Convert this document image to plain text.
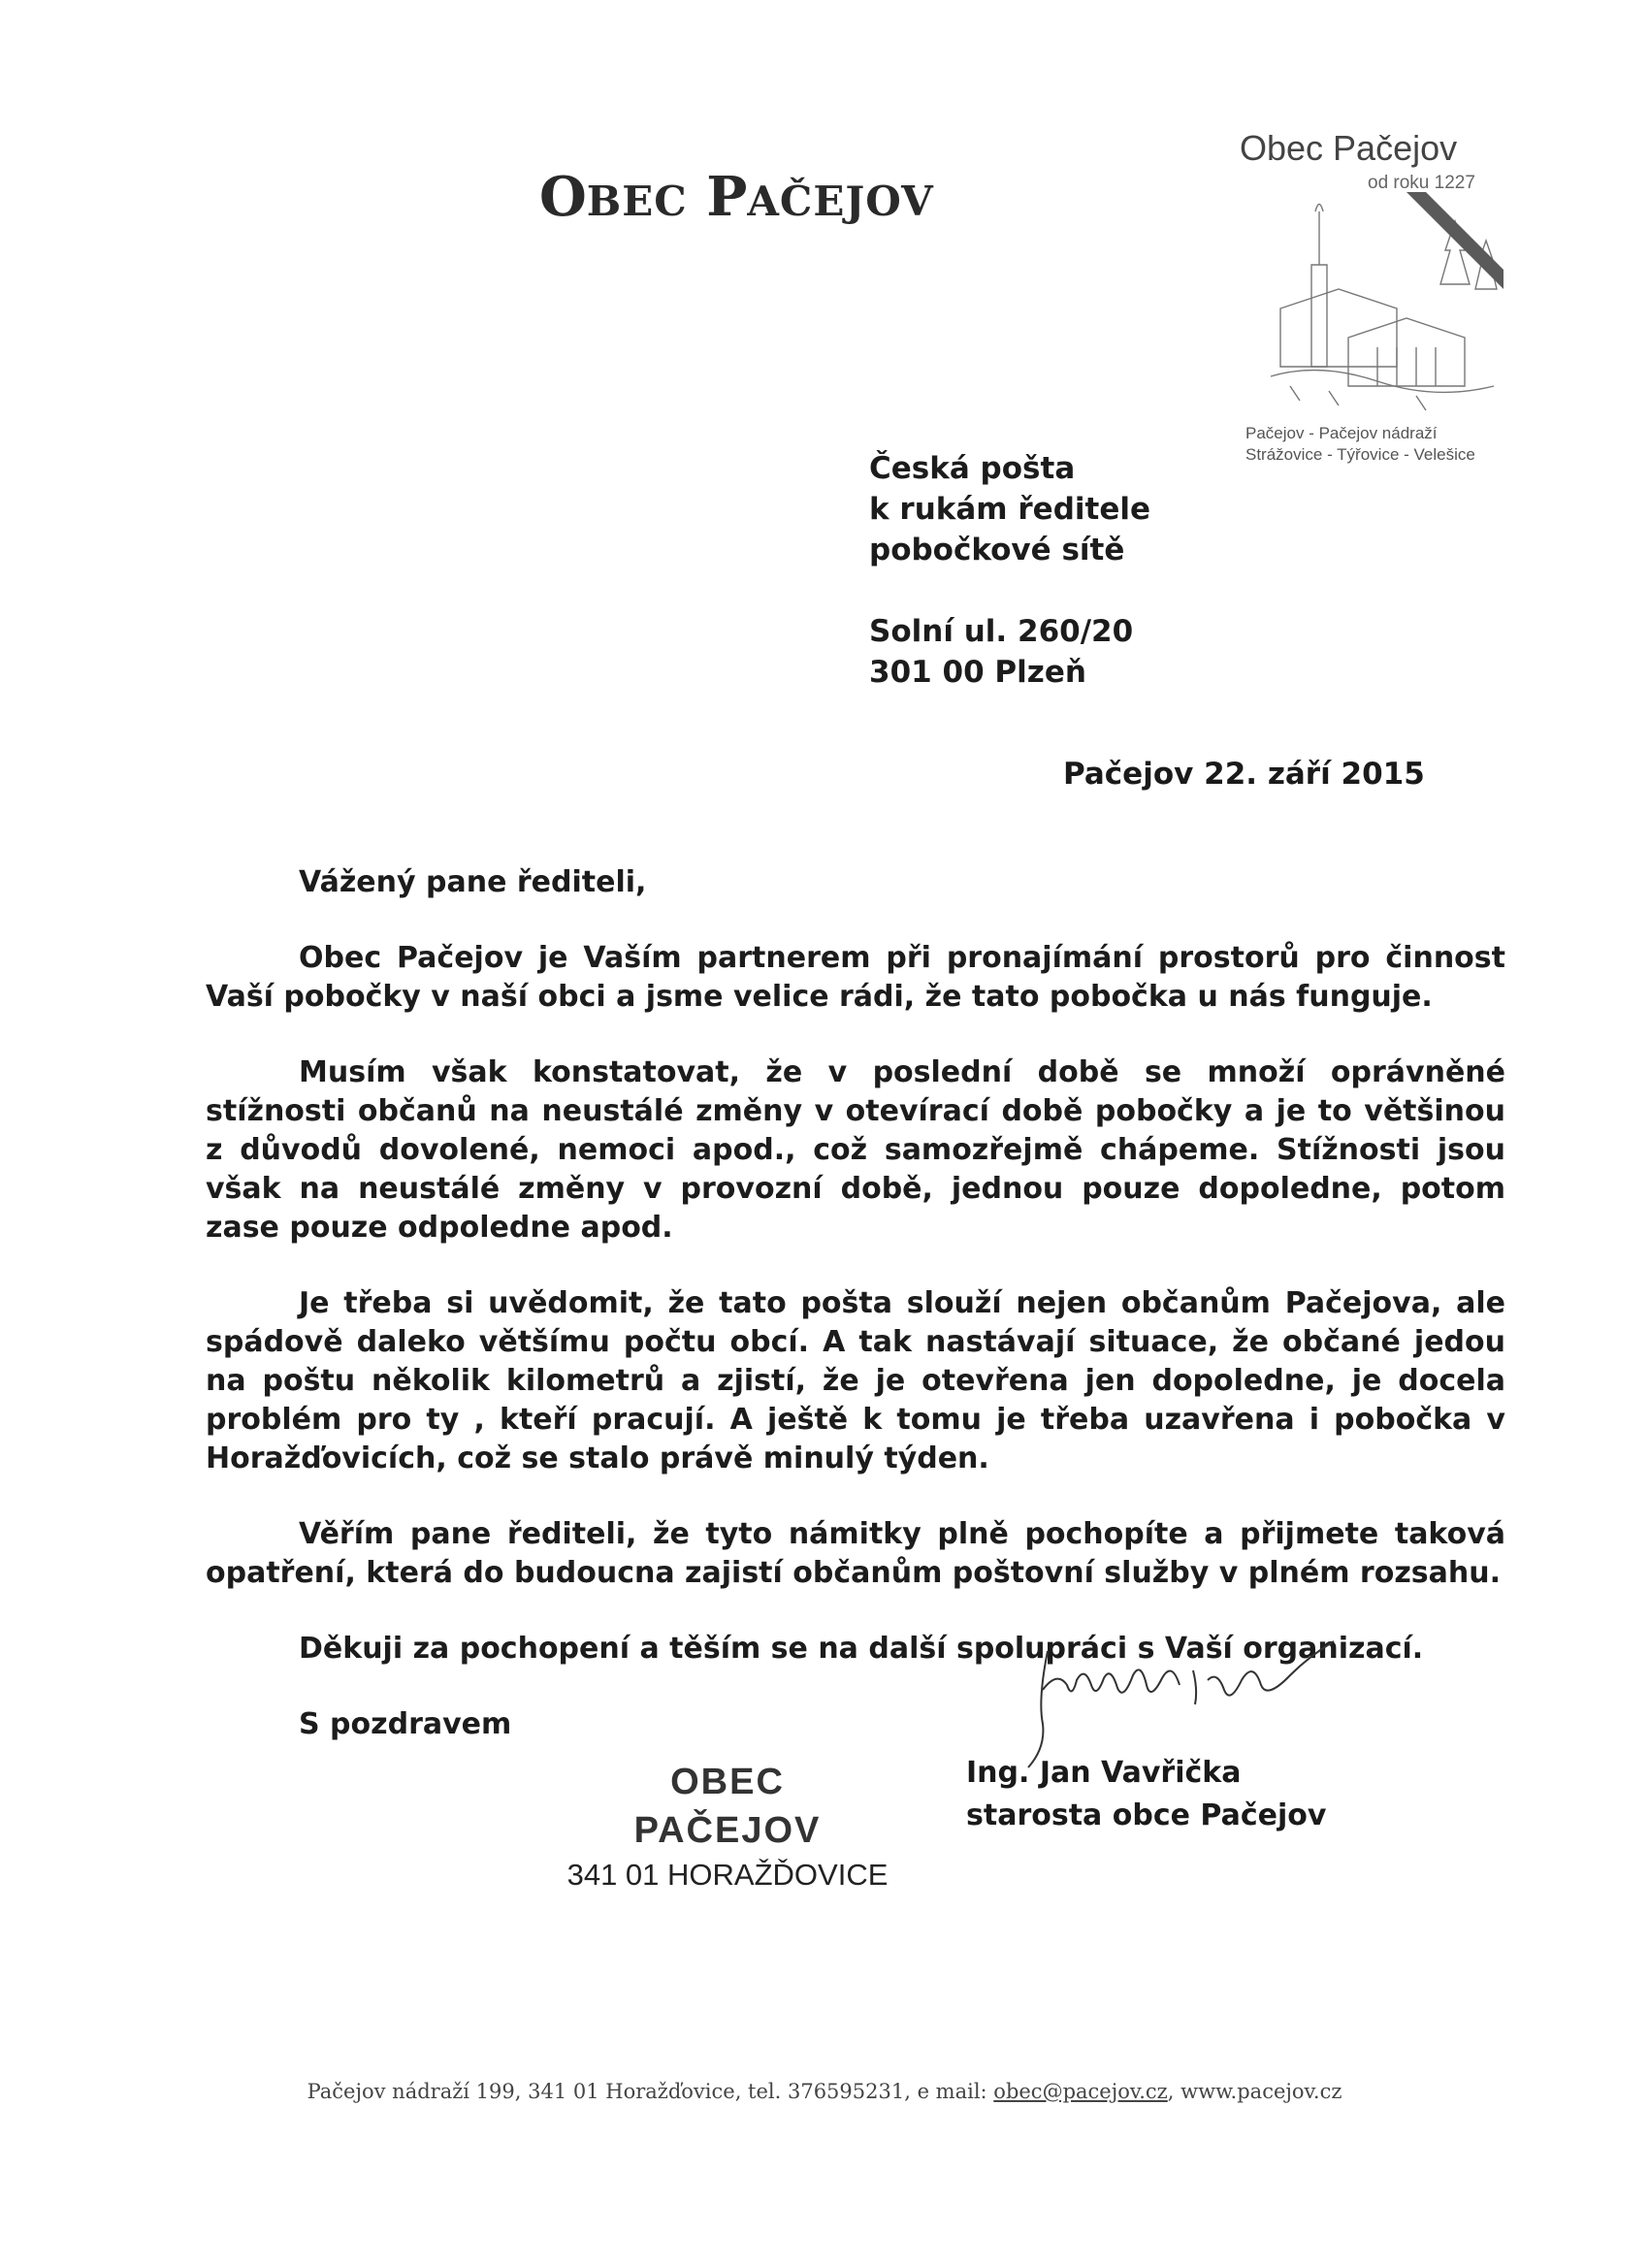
OBEC PAČEJOV
Obec Pačejov
od roku 1227
Pačejov - Pačejov nádraží
Strážovice - Týřovice - Velešice
Česká pošta
k rukám ředitele
pobočkové sítě
Solní ul. 260/20
301 00 Plzeň
Pačejov 22. září 2015

Vážený pane řediteli,

Obec Pačejov je Vaším partnerem při pronajímání prostorů pro činnost Vaší pobočky v naší obci a jsme velice rádi, že tato pobočka u nás funguje.

Musím však konstatovat, že v poslední době se množí oprávněné stížnosti občanů na neustálé změny v otevírací době pobočky a je to většinou z důvodů dovolené, nemoci apod., což samozřejmě chápeme. Stížnosti jsou však na neustálé změny v provozní době, jednou pouze dopoledne, potom zase pouze odpoledne apod.

Je třeba si uvědomit, že tato pošta slouží nejen občanům Pačejova, ale spádově daleko většímu počtu obcí. A tak nastávají situace, že občané jedou na poštu několik kilometrů a zjistí, že je otevřena jen dopoledne, je docela problém pro ty , kteří pracují. A ještě k tomu je třeba uzavřena i pobočka v Horažďovicích, což se stalo právě minulý týden.

Věřím pane řediteli, že tyto námitky plně pochopíte a přijmete taková opatření, která do budoucna zajistí občanům poštovní služby v plném rozsahu.

Děkuji za pochopení a těším se na další spolupráci s Vaší organizací.

S pozdravem

OBEC
PAČEJOV
341 01 HORAŽĎOVICE
Ing. Jan Vavřička
starosta obce Pačejov
Pačejov nádraží 199, 341 01 Horažďovice, tel. 376595231, e mail: obec@pacejov.cz, www.pacejov.cz
